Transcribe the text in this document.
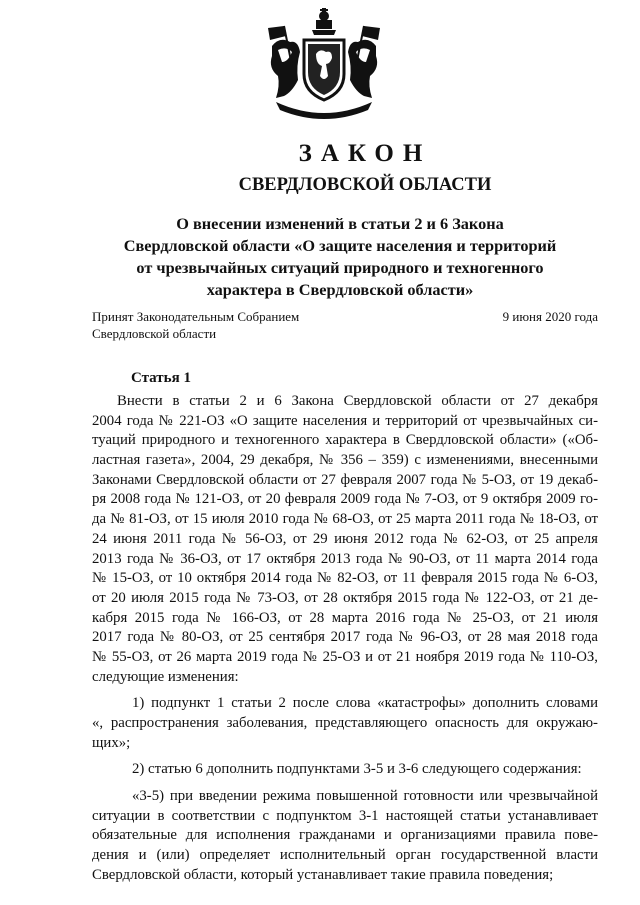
ЗАКОН
СВЕРДЛОВСКОЙ ОБЛАСТИ
О внесении изменений в статьи 2 и 6 Закона
Свердловской области «О защите населения и территорий
от чрезвычайных ситуаций природного и техногенного
характера в Свердловской области»
Принят Законодательным Собранием
Свердловской области
9 июня 2020 года
Статья 1
Внести в статьи 2 и 6 Закона Свердловской области от 27 декабря
2004 года № 221-ОЗ «О защите населения и территорий от чрезвычайных си-
туаций природного и техногенного характера в Свердловской области» («Об-
ластная газета», 2004, 29 декабря, № 356 – 359) с изменениями, внесенными
Законами Свердловской области от 27 февраля 2007 года № 5-ОЗ, от 19 декаб-
ря 2008 года № 121-ОЗ, от 20 февраля 2009 года № 7-ОЗ, от 9 октября 2009 го-
да № 81-ОЗ, от 15 июля 2010 года № 68-ОЗ, от 25 марта 2011 года № 18-ОЗ, от
24 июня 2011 года № 56-ОЗ, от 29 июня 2012 года № 62-ОЗ, от 25 апреля
2013 года № 36-ОЗ, от 17 октября 2013 года № 90-ОЗ, от 11 марта 2014 года
№ 15-ОЗ, от 10 октября 2014 года № 82-ОЗ, от 11 февраля 2015 года № 6-ОЗ,
от 20 июля 2015 года № 73-ОЗ, от 28 октября 2015 года № 122-ОЗ, от 21 де-
кабря 2015 года № 166-ОЗ, от 28 марта 2016 года № 25-ОЗ, от 21 июля
2017 года № 80-ОЗ, от 25 сентября 2017 года № 96-ОЗ, от 28 мая 2018 года
№ 55-ОЗ, от 26 марта 2019 года № 25-ОЗ и от 21 ноября 2019 года № 110-ОЗ,
следующие изменения:
1) подпункт 1 статьи 2 после слова «катастрофы» дополнить словами
«, распространения заболевания, представляющего опасность для окружаю-
щих»;
2) статью 6 дополнить подпунктами 3-5 и 3-6 следующего содержания:
«3-5) при введении режима повышенной готовности или чрезвычайной
ситуации в соответствии с подпунктом 3-1 настоящей статьи устанавливает
обязательные для исполнения гражданами и организациями правила пове-
дения и (или) определяет исполнительный орган государственной власти
Свердловской области, который устанавливает такие правила поведения;
